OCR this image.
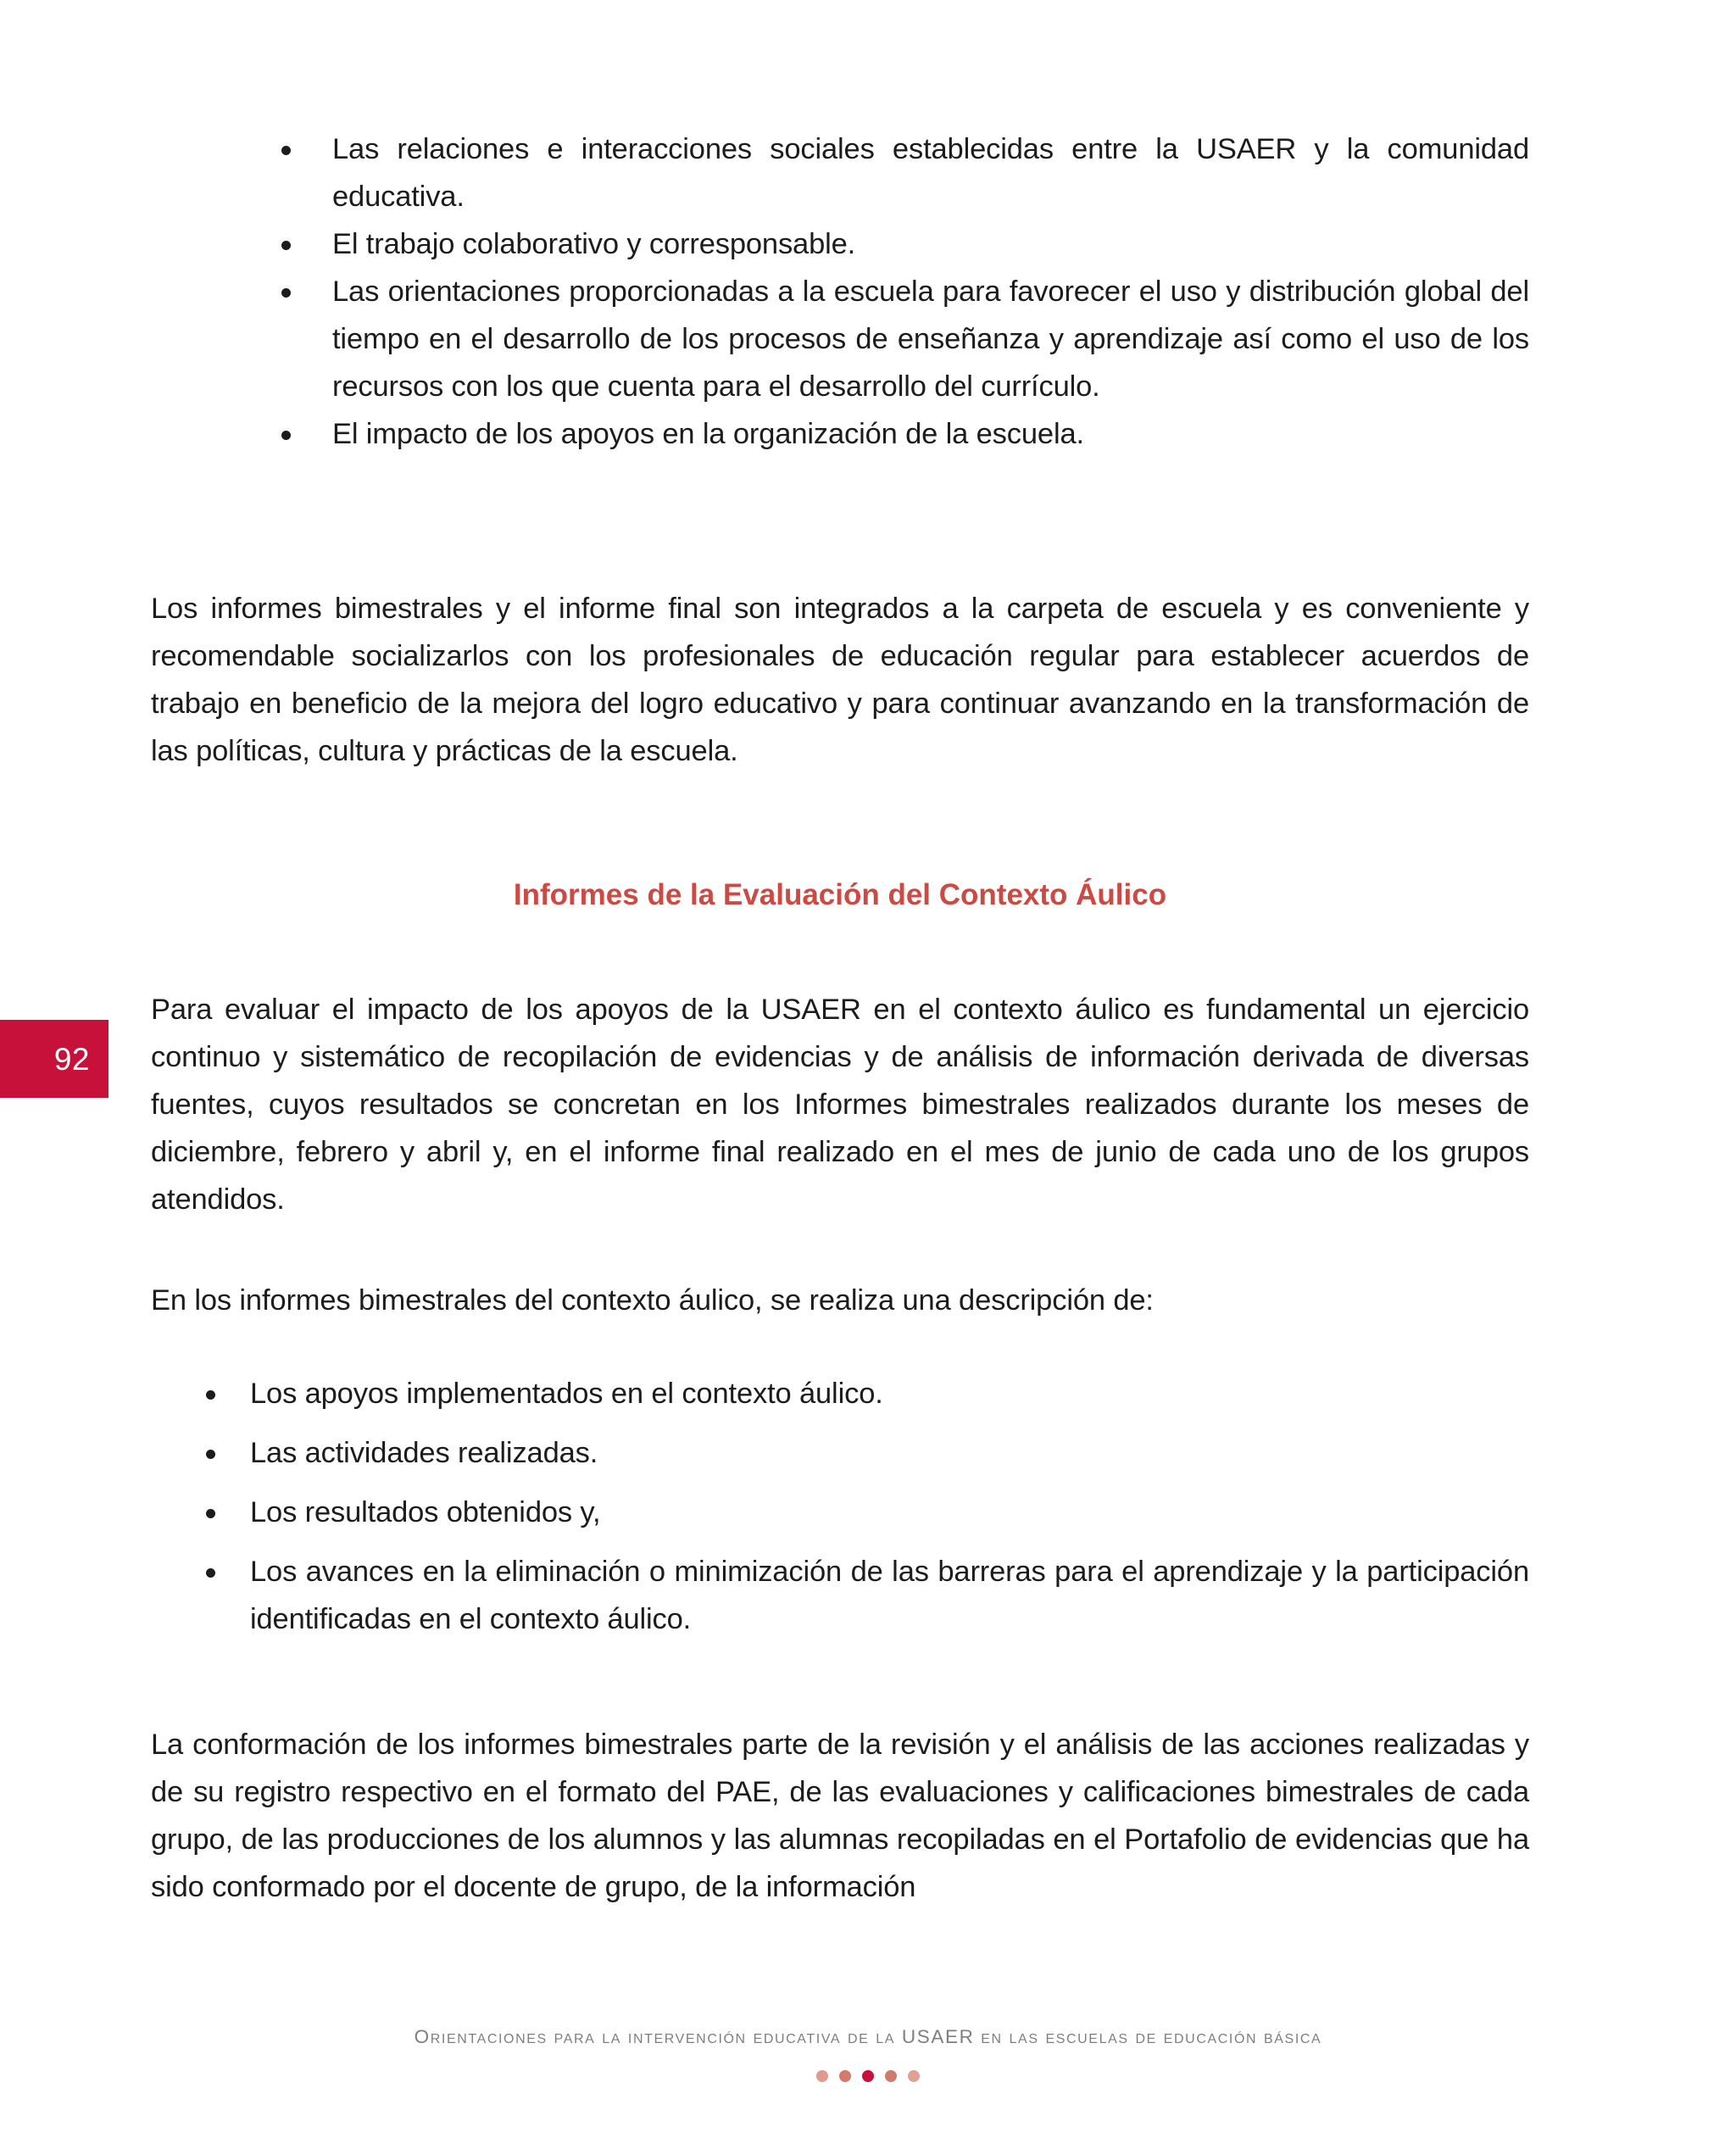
92
Las relaciones e interacciones sociales establecidas entre la USAER y la comunidad educativa.
El trabajo colaborativo y corresponsable.
Las orientaciones proporcionadas a la escuela para favorecer el uso y distribución global del tiempo en el desarrollo de los procesos de enseñanza y aprendizaje así como el uso de los recursos con los que cuenta para el desarrollo del currículo.
El impacto de los apoyos en la organización de la escuela.

Los informes bimestrales y el informe final son integrados a la carpeta de escuela y es conveniente y recomendable socializarlos con los profesionales de educación regular para establecer acuerdos de trabajo en beneficio de la mejora del logro educativo y para continuar avanzando en la transformación de las políticas, cultura y prácticas de la escuela.

Informes de la Evaluación del Contexto Áulico

Para evaluar el impacto de los apoyos de la USAER en el contexto áulico es fundamental un ejercicio continuo y sistemático de recopilación de evidencias y de análisis de información derivada de diversas fuentes, cuyos resultados se concretan en los Informes bimestrales realizados durante los meses de diciembre, febrero y abril y, en el informe final realizado en el mes de junio de cada uno de los grupos atendidos.

En los informes bimestrales del contexto áulico, se realiza una descripción de:

Los apoyos implementados en el contexto áulico.
Las actividades realizadas.
Los resultados obtenidos y,
Los avances en la eliminación o minimización de las barreras para el aprendizaje y la participación identificadas en el contexto áulico.

La conformación de los informes bimestrales parte de la revisión y el análisis de las acciones realizadas y de su registro respectivo en el formato del PAE, de las evaluaciones y calificaciones bimestrales de cada grupo, de las producciones de los alumnos y las alumnas recopiladas en el Portafolio de evidencias que ha sido conformado por el docente de grupo, de la información

Orientaciones para la intervención educativa de la USAER en las escuelas de educación básica
